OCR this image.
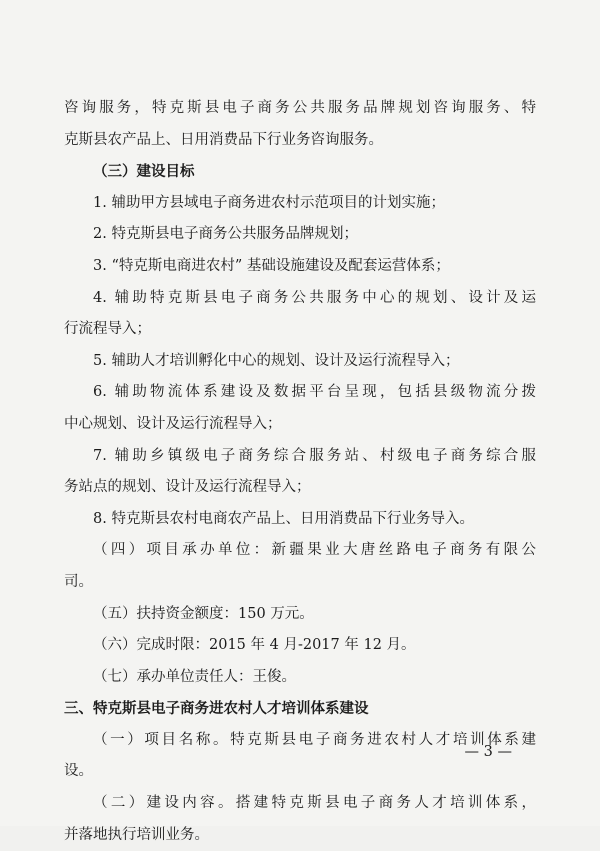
咨询服务，特克斯县电子商务公共服务品牌规划咨询服务、特
克斯县农产品上、日用消费品下行业务咨询服务。
（三）建设目标
1. 辅助甲方县域电子商务进农村示范项目的计划实施；
2. 特克斯县电子商务公共服务品牌规划；
3. “特克斯电商进农村” 基础设施建设及配套运营体系；
4. 辅助特克斯县电子商务公共服务中心的规划、设计及运
行流程导入；
5. 辅助人才培训孵化中心的规划、设计及运行流程导入；
6. 辅助物流体系建设及数据平台呈现，包括县级物流分拨
中心规划、设计及运行流程导入；
7. 辅助乡镇级电子商务综合服务站、村级电子商务综合服
务站点的规划、设计及运行流程导入；
8. 特克斯县农村电商农产品上、日用消费品下行业务导入。
（四）项目承办单位：新疆果业大唐丝路电子商务有限公
司。
（五）扶持资金额度：150 万元。
（六）完成时限：2015 年 4 月-2017 年 12 月。
（七）承办单位责任人：王俊。
三、特克斯县电子商务进农村人才培训体系建设
（一）项目名称。特克斯县电子商务进农村人才培训体系建
设。
（二）建设内容。搭建特克斯县电子商务人才培训体系，
并落地执行培训业务。
— 3 —
